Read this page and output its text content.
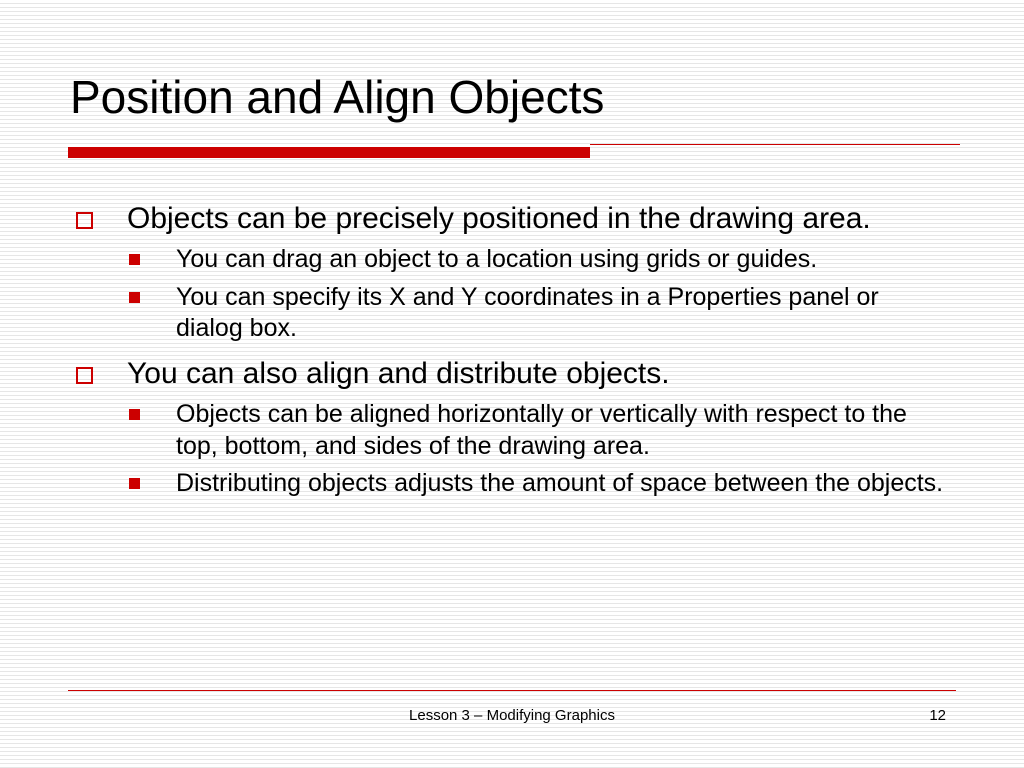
Position and Align Objects
Objects can be precisely positioned in the drawing area.
You can drag an object to a location using grids or guides.
You can specify its X and Y coordinates in a Properties panel or dialog box.
You can also align and distribute objects.
Objects can be aligned horizontally or vertically with respect to the top, bottom, and sides of the drawing area.
Distributing objects adjusts the amount of space between the objects.
Lesson 3 – Modifying Graphics	12
